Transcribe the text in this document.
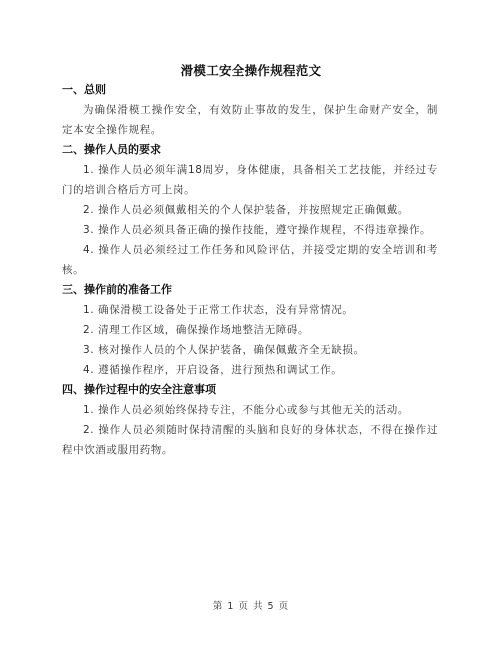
滑模工安全操作规程范文
一、总则

为确保滑模工操作安全，有效防止事故的发生，保护生命财产安全，制定本安全操作规程。

二、操作人员的要求

1. 操作人员必须年满18周岁，身体健康，具备相关工艺技能，并经过专门的培训合格后方可上岗。

2. 操作人员必须佩戴相关的个人保护装备，并按照规定正确佩戴。

3. 操作人员必须具备正确的操作技能，遵守操作规程，不得违章操作。

4. 操作人员必须经过工作任务和风险评估，并接受定期的安全培训和考核。

三、操作前的准备工作

1. 确保滑模工设备处于正常工作状态，没有异常情况。

2. 清理工作区域，确保操作场地整洁无障碍。

3. 核对操作人员的个人保护装备，确保佩戴齐全无缺损。

4. 遵循操作程序，开启设备，进行预热和调试工作。

四、操作过程中的安全注意事项

1. 操作人员必须始终保持专注，不能分心或参与其他无关的活动。

2. 操作人员必须随时保持清醒的头脑和良好的身体状态，不得在操作过程中饮酒或服用药物。

第 1 页 共 5 页
